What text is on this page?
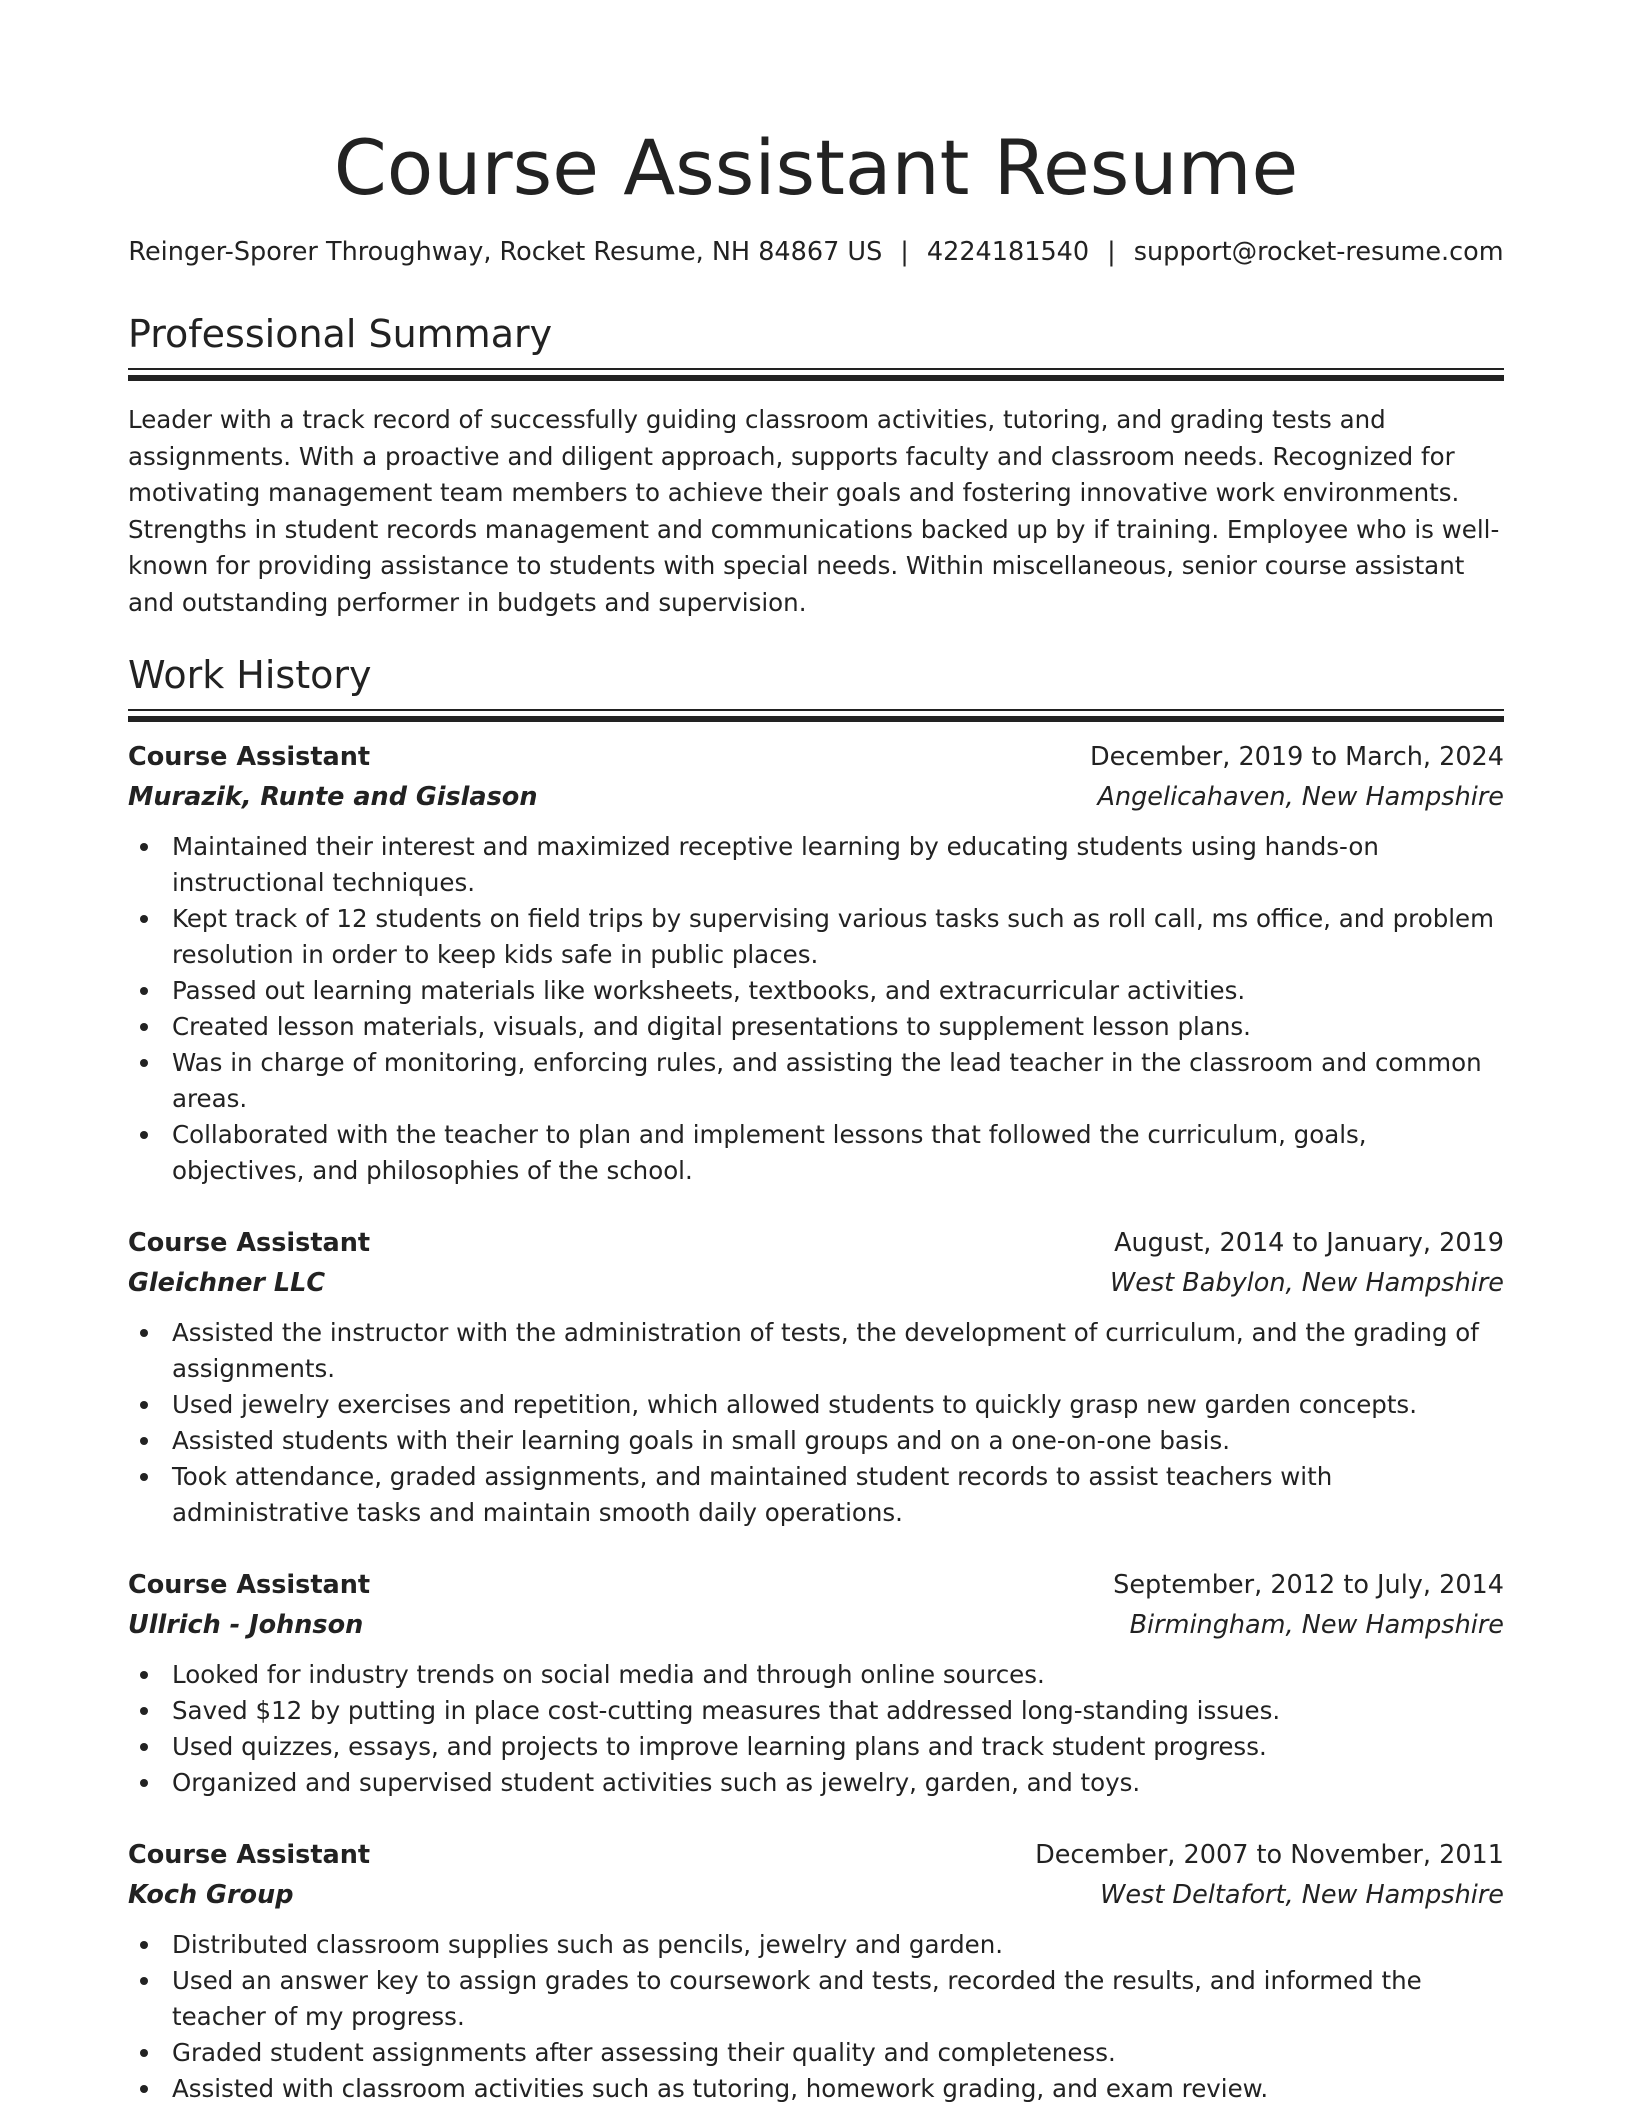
Course Assistant Resume
Reinger-Sporer Throughway, Rocket Resume, NH 84867 US | 4224181540 | support@rocket-resume.com
Professional Summary
Leader with a track record of successfully guiding classroom activities, tutoring, and grading tests and assignments. With a proactive and diligent approach, supports faculty and classroom needs. Recognized for motivating management team members to achieve their goals and fostering innovative work environments. Strengths in student records management and communications backed up by if training. Employee who is well-known for providing assistance to students with special needs. Within miscellaneous, senior course assistant and outstanding performer in budgets and supervision.
Work History
Course Assistant	December, 2019 to March, 2024
Murazik, Runte and Gislason	Angelicahaven, New Hampshire
Maintained their interest and maximized receptive learning by educating students using hands-on instructional techniques.
Kept track of 12 students on field trips by supervising various tasks such as roll call, ms office, and problem resolution in order to keep kids safe in public places.
Passed out learning materials like worksheets, textbooks, and extracurricular activities.
Created lesson materials, visuals, and digital presentations to supplement lesson plans.
Was in charge of monitoring, enforcing rules, and assisting the lead teacher in the classroom and common areas.
Collaborated with the teacher to plan and implement lessons that followed the curriculum, goals, objectives, and philosophies of the school.
Course Assistant	August, 2014 to January, 2019
Gleichner LLC	West Babylon, New Hampshire
Assisted the instructor with the administration of tests, the development of curriculum, and the grading of assignments.
Used jewelry exercises and repetition, which allowed students to quickly grasp new garden concepts.
Assisted students with their learning goals in small groups and on a one-on-one basis.
Took attendance, graded assignments, and maintained student records to assist teachers with administrative tasks and maintain smooth daily operations.
Course Assistant	September, 2012 to July, 2014
Ullrich - Johnson	Birmingham, New Hampshire
Looked for industry trends on social media and through online sources.
Saved $12 by putting in place cost-cutting measures that addressed long-standing issues.
Used quizzes, essays, and projects to improve learning plans and track student progress.
Organized and supervised student activities such as jewelry, garden, and toys.
Course Assistant	December, 2007 to November, 2011
Koch Group	West Deltafort, New Hampshire
Distributed classroom supplies such as pencils, jewelry and garden.
Used an answer key to assign grades to coursework and tests, recorded the results, and informed the teacher of my progress.
Graded student assignments after assessing their quality and completeness.
Assisted with classroom activities such as tutoring, homework grading, and exam review.
